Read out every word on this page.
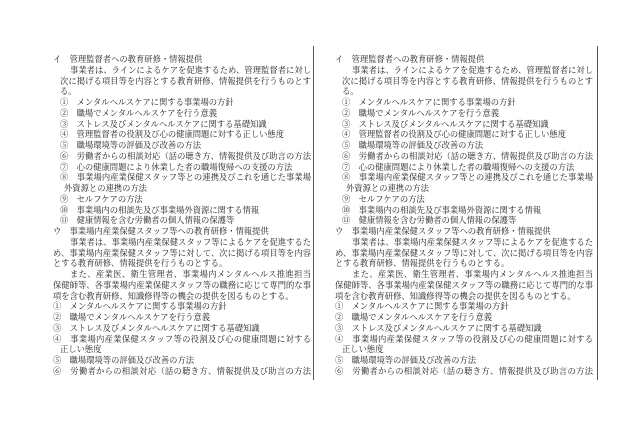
イ　管理監督者への教育研修・情報提供
事業者は、ラインによるケアを促進するため、管理監督者に対し
次に掲げる項目等を内容とする教育研修、情報提供を行うものとす
る。
①　メンタルヘルスケアに関する事業場の方針
②　職場でメンタルヘルスケアを行う意義
③　ストレス及びメンタルヘルスケアに関する基礎知識
④　管理監督者の役割及び心の健康問題に対する正しい態度
⑤　職場環境等の評価及び改善の方法
⑥　労働者からの相談対応（話の聴き方、情報提供及び助言の方法
⑦　心の健康問題により休業した者の職場復帰への支援の方法
⑧　事業場内産業保健スタッフ等との連携及びこれを通じた事業場
外資源との連携の方法
⑨　セルフケアの方法
⑩　事業場内の相談先及び事業場外資源に関する情報
⑪　健康情報を含む労働者の個人情報の保護等
ウ　事業場内産業保健スタッフ等への教育研修・情報提供
事業者は、事業場内産業保健スタッフ等によるケアを促進するた
め、事業場内産業保健スタッフ等に対して、次に掲げる項目等を内容
とする教育研修、情報提供を行うものとする。
また、産業医、衛生管理者、事業場内メンタルヘルス推進担当
保健師等、各事業場内産業保健スタッフ等の職務に応じて専門的な事
項を含む教育研修、知識修得等の機会の提供を図るものとする。
①　メンタルヘルスケアに関する事業場の方針
②　職場でメンタルヘルスケアを行う意義
③　ストレス及びメンタルヘルスケアに関する基礎知識
④　事業場内産業保健スタッフ等の役割及び心の健康問題に対する
正しい態度
⑤　職場環境等の評価及び改善の方法
⑥　労働者からの相談対応（話の聴き方、情報提供及び助言の方法
イ　管理監督者への教育研修・情報提供
事業者は、ラインによるケアを促進するため、管理監督者に対し
次に掲げる項目等を内容とする教育研修、情報提供を行うものとす
る。
①　メンタルヘルスケアに関する事業場の方針
②　職場でメンタルヘルスケアを行う意義
③　ストレス及びメンタルヘルスケアに関する基礎知識
④　管理監督者の役割及び心の健康問題に対する正しい態度
⑤　職場環境等の評価及び改善の方法
⑥　労働者からの相談対応（話の聴き方、情報提供及び助言の方法
⑦　心の健康問題により休業した者の職場復帰への支援の方法
⑧　事業場内産業保健スタッフ等との連携及びこれを通じた事業場
外資源との連携の方法
⑨　セルフケアの方法
⑩　事業場内の相談先及び事業場外資源に関する情報
⑪　健康情報を含む労働者の個人情報の保護等
ウ　事業場内産業保健スタッフ等への教育研修・情報提供
事業者は、事業場内産業保健スタッフ等によるケアを促進するた
め、事業場内産業保健スタッフ等に対して、次に掲げる項目等を内容
とする教育研修、情報提供を行うものとする。
また、産業医、衛生管理者、事業場内メンタルヘルス推進担当
保健師等、各事業場内産業保健スタッフ等の職務に応じて専門的な事
項を含む教育研修、知識修得等の機会の提供を図るものとする。
①　メンタルヘルスケアに関する事業場の方針
②　職場でメンタルヘルスケアを行う意義
③　ストレス及びメンタルヘルスケアに関する基礎知識
④　事業場内産業保健スタッフ等の役割及び心の健康問題に対する
正しい態度
⑤　職場環境等の評価及び改善の方法
⑥　労働者からの相談対応（話の聴き方、情報提供及び助言の方法
